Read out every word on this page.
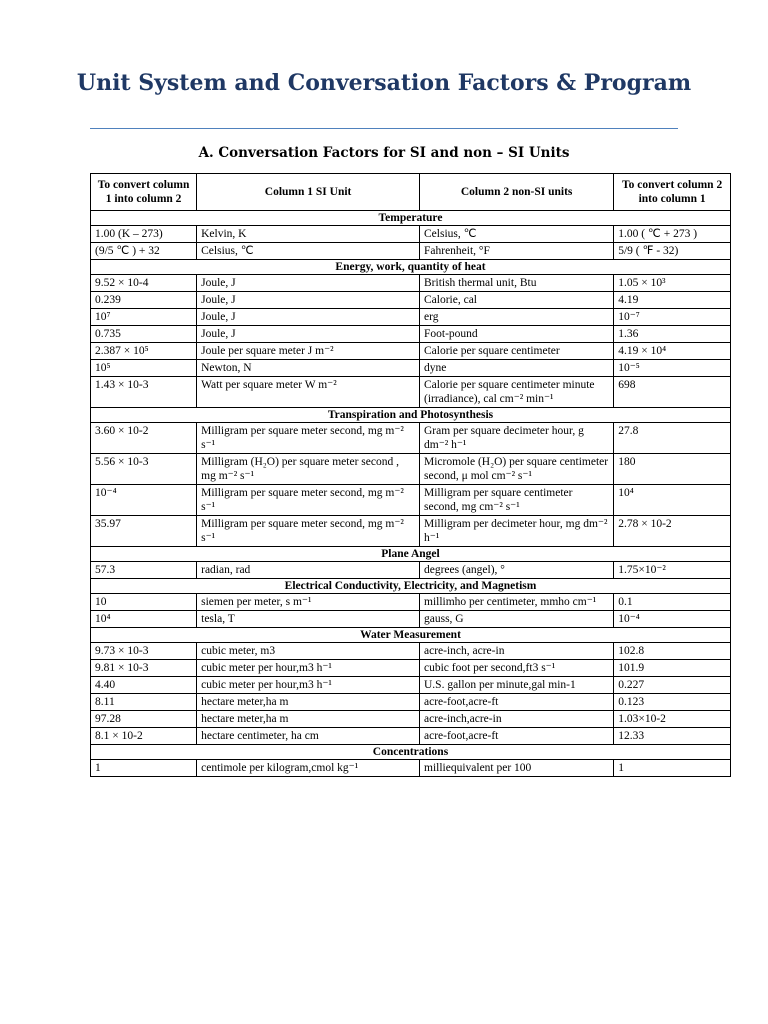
Unit System and Conversation Factors & Program
A. Conversation Factors for SI and non – SI Units
To convert column 1 into column 2	Column 1 SI Unit	Column 2 non-SI units	To convert column 2 into column 1
Temperature			
1.00 (K – 273)	Kelvin, K	Celsius, ℃	1.00 ( ℃ + 273 )
(9/5 ℃ ) + 32	Celsius, ℃	Fahrenheit, °F	5/9 ( ℉ - 32)
Energy, work, quantity of heat			
9.52 × 10-4	Joule, J	British thermal unit, Btu	1.05 × 10³
0.239	Joule, J	Calorie, cal	4.19
10⁷	Joule, J	erg	10⁻⁷
0.735	Joule, J	Foot-pound	1.36
2.387 × 10⁵	Joule per square meter J m⁻²	Calorie per square centimeter	4.19 × 10⁴
10⁵	Newton, N	dyne	10⁻⁵
1.43 × 10-3	Watt per square meter W m⁻²	Calorie per square centimeter minute (irradiance), cal cm⁻² min⁻¹	698
Transpiration and Photosynthesis			
3.60 × 10-2	Milligram per square meter second, mg m⁻² s⁻¹	Gram per square decimeter hour, g dm⁻² h⁻¹	27.8
5.56 × 10-3	Milligram (H₂O) per square meter second , mg m⁻² s⁻¹	Micromole (H₂O) per square centimeter second, μ mol cm⁻² s⁻¹	180
10⁻⁴	Milligram per square meter second, mg m⁻² s⁻¹	Milligram per square centimeter second, mg cm⁻² s⁻¹	10⁴
35.97	Milligram per square meter second, mg m⁻² s⁻¹	Milligram per decimeter hour, mg dm⁻² h⁻¹	2.78 × 10-2
Plane Angel			
57.3	radian, rad	degrees (angel), °	1.75×10⁻²
Electrical Conductivity, Electricity, and Magnetism			
10	siemen per meter, s m⁻¹	millimho per centimeter, mmho cm⁻¹	0.1
10⁴	tesla, T	gauss, G	10⁻⁴
Water Measurement			
9.73 × 10-3	cubic meter, m3	acre-inch, acre-in	102.8
9.81 × 10-3	cubic meter per hour,m3 h⁻¹	cubic foot per second,ft3 s⁻¹	101.9
4.40	cubic meter per hour,m3 h⁻¹	U.S. gallon per minute,gal min-1	0.227
8.11	hectare meter,ha m	acre-foot,acre-ft	0.123
97.28	hectare meter,ha m	acre-inch,acre-in	1.03×10-2
8.1 × 10-2	hectare centimeter, ha cm	acre-foot,acre-ft	12.33
Concentrations			
1	centimole per kilogram,cmol kg⁻¹	milliequivalent per 100	1
